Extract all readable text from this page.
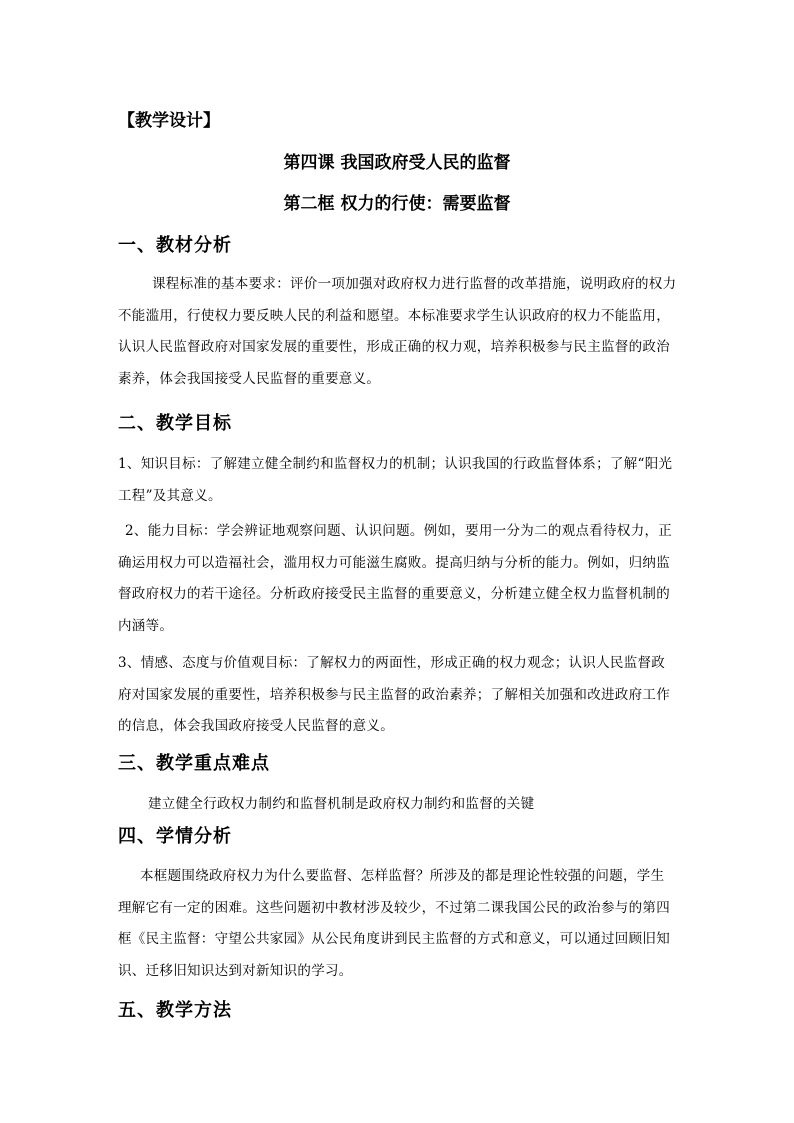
【教学设计】
第四课 我国政府受人民的监督
第二框 权力的行使：需要监督
一、教材分析

课程标准的基本要求：评价一项加强对政府权力进行监督的改革措施，说明政府的权力不能滥用，行使权力要反映人民的利益和愿望。本标准要求学生认识政府的权力不能监用，认识人民监督政府对国家发展的重要性，形成正确的权力观，培养积极参与民主监督的政治素养，体会我国接受人民监督的重要意义。

二、教学目标

1、知识目标：了解建立健全制约和监督权力的机制；认识我国的行政监督体系；了解“阳光工程”及其意义。

2、能力目标：学会辨证地观察问题、认识问题。例如，要用一分为二的观点看待权力，正确运用权力可以造福社会，滥用权力可能滋生腐败。提高归纳与分析的能力。例如，归纳监督政府权力的若干途径。分析政府接受民主监督的重要意义，分析建立健全权力监督机制的内涵等。

3、情感、态度与价值观目标：了解权力的两面性，形成正确的权力观念；认识人民监督政府对国家发展的重要性，培养积极参与民主监督的政治素养；了解相关加强和改进政府工作的信息，体会我国政府接受人民监督的意义。

三、教学重点难点
建立健全行政权力制约和监督机制是政府权力制约和监督的关键
四、学情分析

本框题围绕政府权力为什么要监督、怎样监督？所涉及的都是理论性较强的问题，学生理解它有一定的困难。这些问题初中教材涉及较少，不过第二课我国公民的政治参与的第四框《民主监督：守望公共家园》从公民角度讲到民主监督的方式和意义，可以通过回顾旧知识、迁移旧知识达到对新知识的学习。

五、教学方法
